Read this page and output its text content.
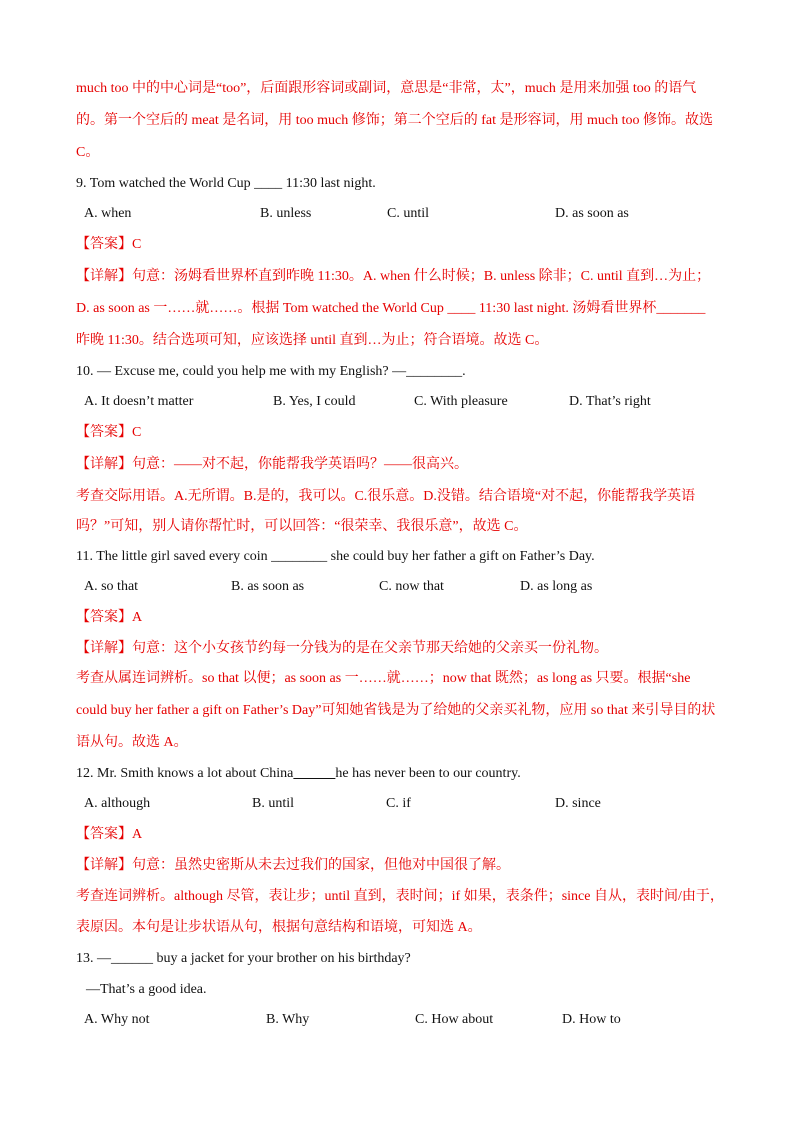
much too 中的中心词是“too”，后面跟形容词或副词，意思是“非常，太”，much 是用来加强 too 的语气
的。第一个空后的 meat 是名词，用 too much 修饰；第二个空后的 fat 是形容词，用 much too 修饰。故选
C。
9. Tom watched the World Cup ____ 11:30 last night.
A. when	B. unless	C. until	D. as soon as
【答案】C
【详解】句意：汤姆看世界杯直到昨晚 11:30。A. when 什么时候；B. unless 除非；C. until 直到…为止；
D. as soon as 一……就……。根据 Tom watched the World Cup ____ 11:30 last night. 汤姆看世界杯_______
昨晚 11:30。结合选项可知，应该选择 until 直到…为止；符合语境。故选 C。
10. — Excuse me, could you help me with my English? —________.
A. It doesn’t matter	B. Yes, I could	C. With pleasure	D. That’s right
【答案】C
【详解】句意：——对不起，你能帮我学英语吗？——很高兴。
考查交际用语。A.无所谓。B.是的，我可以。C.很乐意。D.没错。结合语境“对不起，你能帮我学英语
吗？”可知，别人请你帮忙时，可以回答：“很荣幸、我很乐意”，故选 C。
11. The little girl saved every coin ________ she could buy her father a gift on Father’s Day.
A. so that	B. as soon as	C. now that	D. as long as
【答案】A
【详解】句意：这个小女孩节约每一分钱为的是在父亲节那天给她的父亲买一份礼物。
考查从属连词辨析。so that 以便；as soon as 一……就……；now that 既然；as long as 只要。根据“she
could buy her father a gift on Father’s Day”可知她省钱是为了给她的父亲买礼物，应用 so that 来引导目的状
语从句。故选 A。
12. Mr. Smith knows a lot about China	he has never been to our country.
A. although	B. until	C. if	D. since
【答案】A
【详解】句意：虽然史密斯从未去过我们的国家，但他对中国很了解。
考查连词辨析。although 尽管，表让步；until 直到，表时间；if 如果，表条件；since 自从，表时间/由于，
表原因。本句是让步状语从句，根据句意结构和语境，可知选 A。
13. —______ buy a jacket for your brother on his birthday?
—That’s a good idea.
A. Why not	B. Why	C. How about	D. How to
